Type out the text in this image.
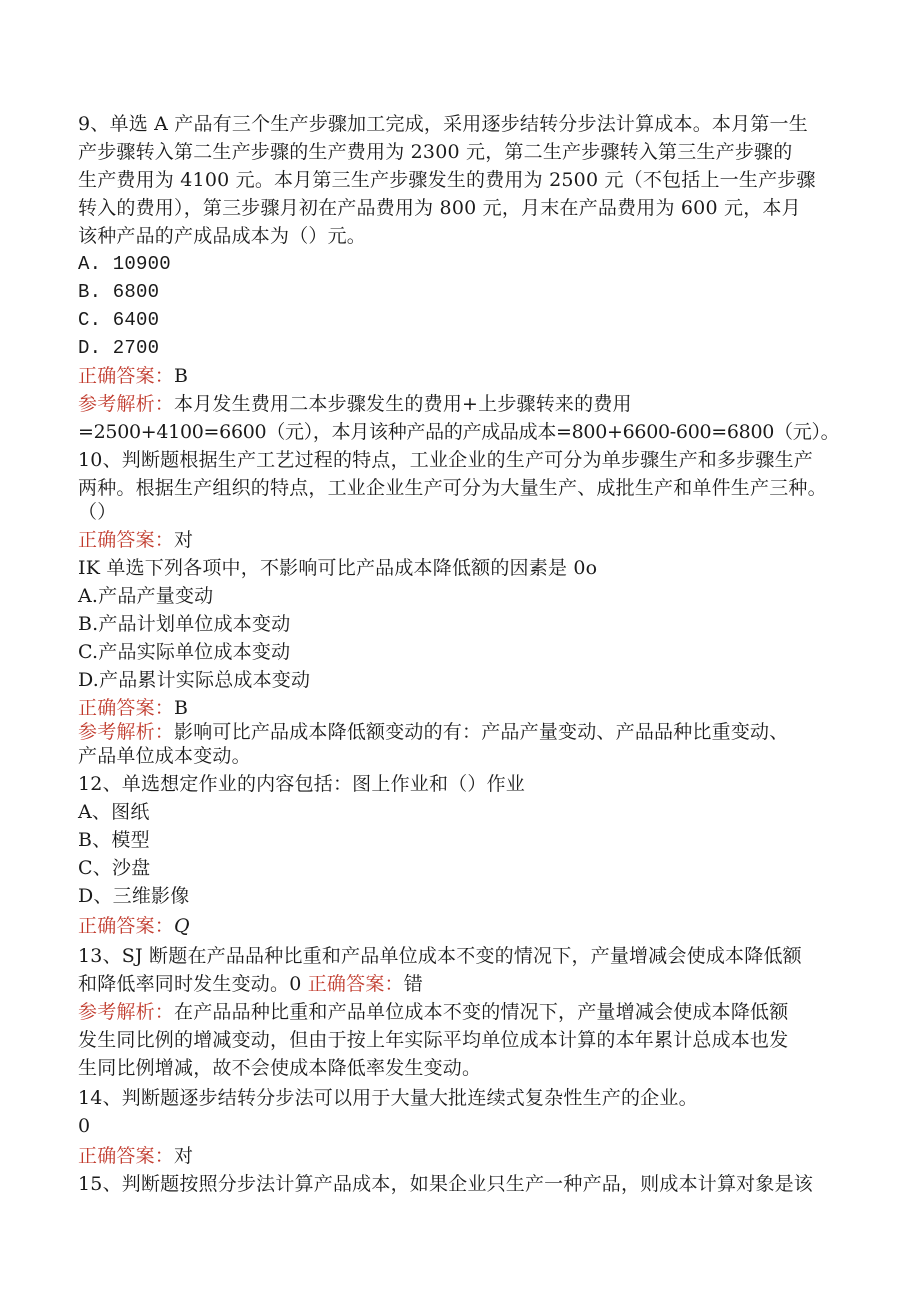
9、单选 A 产品有三个生产步骤加工完成，采用逐步结转分步法计算成本。本月第一生
产步骤转入第二生产步骤的生产费用为 2300 元，第二生产步骤转入第三生产步骤的
生产费用为 4100 元。本月第三生产步骤发生的费用为 2500 元（不包括上一生产步骤
转入的费用），第三步骤月初在产品费用为 800 元，月末在产品费用为 600 元，本月
该种产品的产成品成本为（）元。
A. 10900
B. 6800
C. 6400
D. 2700
正确答案：B
参考解析：本月发生费用二本步骤发生的费用+上步骤转来的费用
=2500+4100=6600（元），本月该种产品的产成品成本=800+6600-600=6800（元）。
10、判断题根据生产工艺过程的特点，工业企业的生产可分为单步骤生产和多步骤生产
两种。根据生产组织的特点，工业企业生产可分为大量生产、成批生产和单件生产三种。
（）
正确答案：对
IK 单选下列各项中，不影响可比产品成本降低额的因素是 0o
A.产品产量变动
B.产品计划单位成本变动
C.产品实际单位成本变动
D.产品累计实际总成本变动
正确答案：B
参考解析：影响可比产品成本降低额变动的有：产品产量变动、产品品种比重变动、
产品单位成本变动。
12、单选想定作业的内容包括：图上作业和（）作业
A、图纸
B、模型
C、沙盘
D、三维影像
正确答案：Q
13、SJ 断题在产品品种比重和产品单位成本不变的情况下，产量增减会使成本降低额
和降低率同时发生变动。0 正确答案：错
参考解析：在产品品种比重和产品单位成本不变的情况下，产量增减会使成本降低额
发生同比例的增减变动，但由于按上年实际平均单位成本计算的本年累计总成本也发
生同比例增减，故不会使成本降低率发生变动。
14、判断题逐步结转分步法可以用于大量大批连续式复杂性生产的企业。
0
正确答案：对
15、判断题按照分步法计算产品成本，如果企业只生产一种产品，则成本计算对象是该
